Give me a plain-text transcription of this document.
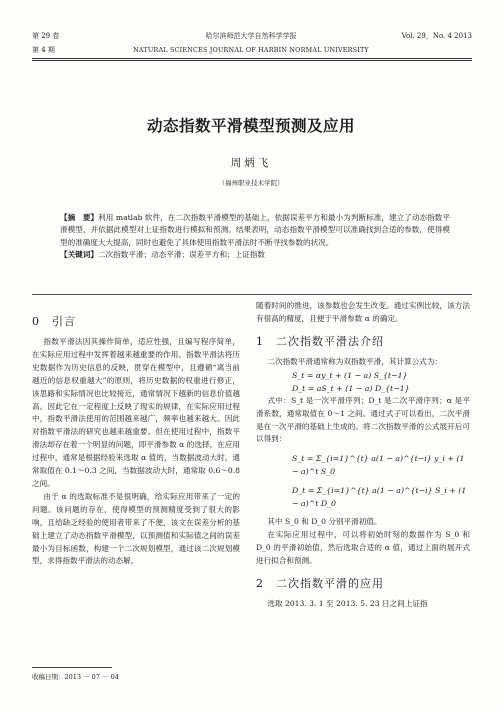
第 29 卷
第 4 期
哈尔滨师范大学自然科学学报
NATURAL SCIENCES JOURNAL OF HARBIN NORMAL UNIVERSITY
Vol. 29，No. 4 2013
动态指数平滑模型预测及应用
周炳飞
（福州职业技术学院）
【摘　要】利用 matlab 软件，在二次指数平滑模型的基础上，依据误差平方和最小为判断标准，建立了动态指数平滑模型，并依据此模型对上证指数进行模拟和预测。结果表明，动态指数平滑模型可以准确找到合适的参数，使得模型的准确度大大提高，同时也避免了具体使用指数平滑法时不断寻找参数的状况。
【关键词】二次指数平滑；动态平滑；误差平方和；上证指数
0 引言

指数平滑法因其操作简单，适应性强，且编写程序简单，在实际应用过程中发挥着越来越重要的作用。指数平滑法将历史数据作为历史信息的反映，贯穿在模型中，且遵循“离当前越近的信息权重越大”的原则，将历史数据的权重进行修正，该思路和实际情况也比较接近，通常情况下越新的信息价值越高。因此它在一定程度上反映了现实的规律，在实际应用过程中，指数平滑法使用的范围越来越广，频率也越来越大。因此对指数平滑法的研究也越来越重要。但在使用过程中，指数平滑法却存在着一个明显的问题，即平滑参数 α 的选择。在应用过程中，通常是根据经验来选取 α 值的，当数据波动大时，通常取值在 0.1～0.3 之间，当数据波动大时，通常取 0.6～0.8 之间。

由于 α 的选取标准不是很明确，给实际应用带来了一定的问题。该问题的存在，使得模型的预测精度受到了很大的影响，且给缺乏经验的使用者带来了不便，该文在误差分析的基础上建立了动态指数平滑模型，以预测值和实际值之间的误差最小为目标函数，构建一个二次规划模型，通过该二次规划模型，求得指数平滑法的动态解，

随着时间的推进，该参数也会发生改变。通过实例比较，该方法有很高的精度，且便于平滑参数 α 的确定。

1 二次指数平滑法介绍

二次指数平滑通常称为双指数平滑，其计算公式为：

S_t = αy_t + (1 − a) S_{t−1}
D_t = aS_t + (1 − a) D_{t−1}

式中：S_t 是一次平滑序列；D_t 是二次平滑序列；α 是平滑系数，通常取值在 0～1 之间。通过式子可以看出，二次平滑是在一次平滑的基础上生成的。将二次指数平滑的公式展开后可以得到：

S_t = Σ_{i=1}^{t} a(1 − a)^{t−i} y_i + (1 − a)^t S_0
D_t = Σ_{i=1}^{t} a(1 − a)^{t−i} S_i + (1 − a)^t D_0

其中 S_0 和 D_0 分别平滑初值。

在实际应用过程中，可以将初始时刻的数据作为 S_0 和 D_0 的平滑初始值，然后选取合适的 α 值，通过上面的展开式进行拟合和预测。

2 二次指数平滑的应用

选取 2013. 3. 1 至 2013. 5. 23 日之间上证指

收稿日期：2013 － 07 － 04
